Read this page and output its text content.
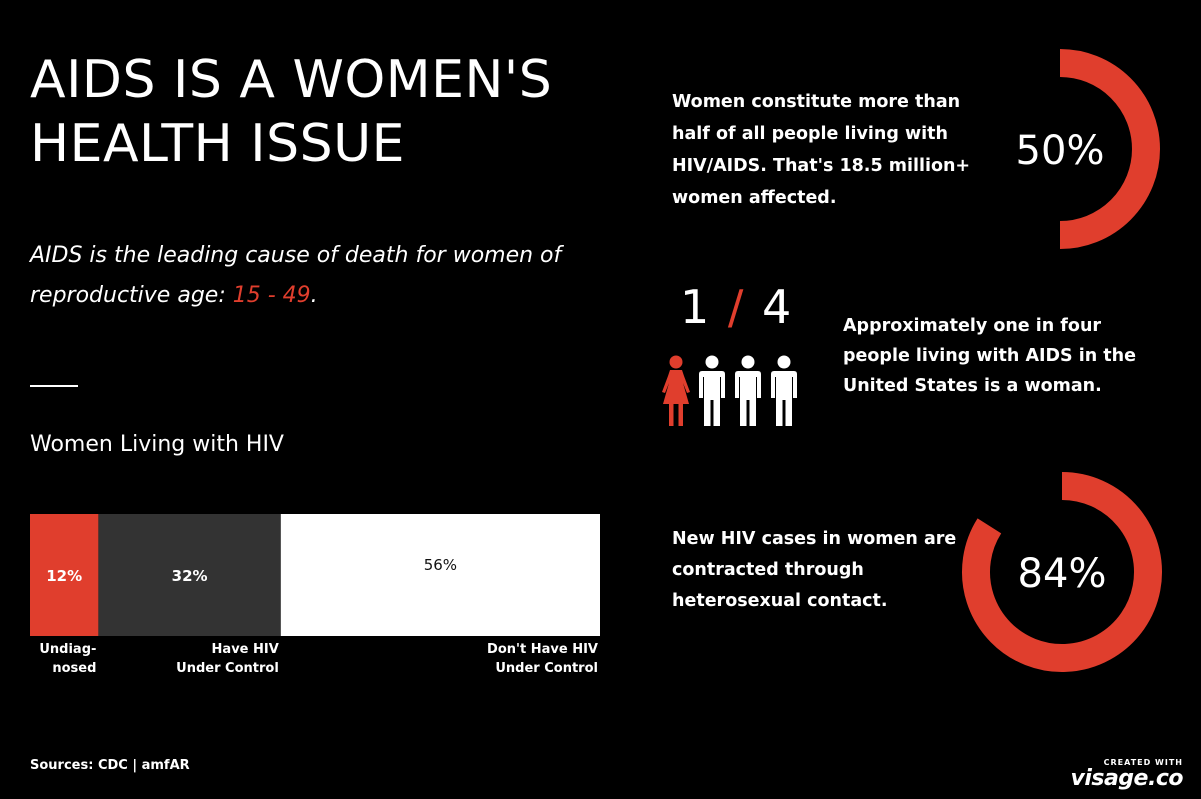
AIDS IS A WOMEN'S
HEALTH ISSUE

AIDS is the leading cause of death for women of reproductive age: 15 - 49.

Women Living with HIV
12%
Undiag-
nosed
32%
Have HIV
Under Control
56%
Don't Have HIV
Under Control
Sources: CDC | amfAR

Women constitute more than half of all people living with HIV/AIDS. That's 18.5 million+ women affected.

50%
1 / 4	Approximately one in four people living with AIDS in the United States is a woman.

New HIV cases in women are contracted through heterosexual contact.

84%
CREATED WITH
visage.co
